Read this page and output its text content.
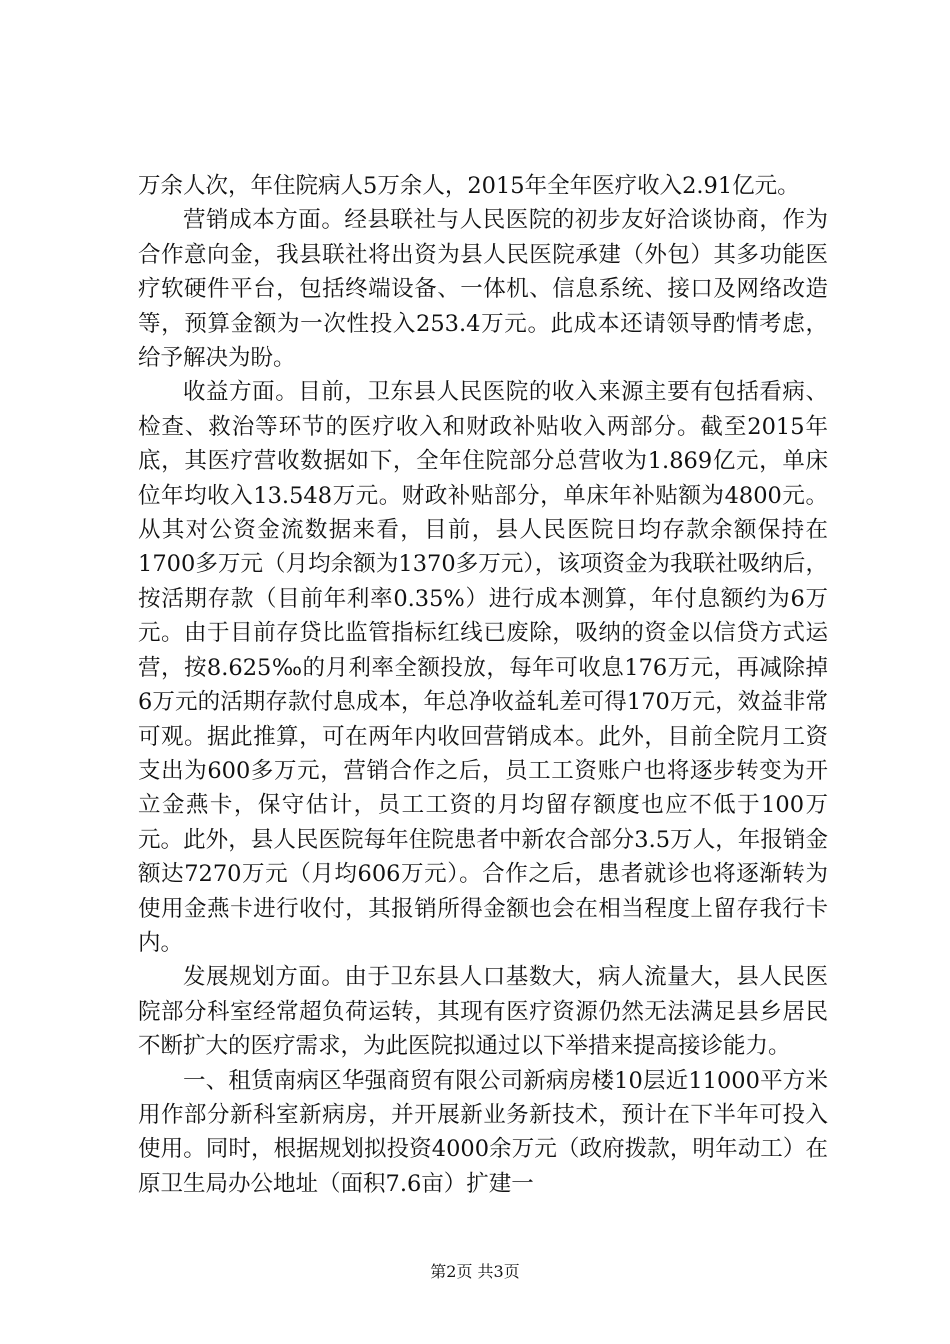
万余人次，年住院病人5万余人，2015年全年医疗收入2.91亿元。

营销成本方面。经县联社与人民医院的初步友好洽谈协商，作为合作意向金，我县联社将出资为县人民医院承建（外包）其多功能医疗软硬件平台，包括终端设备、一体机、信息系统、接口及网络改造等，预算金额为一次性投入253.4万元。此成本还请领导酌情考虑，给予解决为盼。

收益方面。目前，卫东县人民医院的收入来源主要有包括看病、检查、救治等环节的医疗收入和财政补贴收入两部分。截至2015年底，其医疗营收数据如下，全年住院部分总营收为1.869亿元，单床位年均收入13.548万元。财政补贴部分，单床年补贴额为4800元。从其对公资金流数据来看，目前，县人民医院日均存款余额保持在1700多万元（月均余额为1370多万元），该项资金为我联社吸纳后，按活期存款（目前年利率0.35%）进行成本测算，年付息额约为6万元。由于目前存贷比监管指标红线已废除，吸纳的资金以信贷方式运营，按8.625‰的月利率全额投放，每年可收息176万元，再减除掉6万元的活期存款付息成本，年总净收益轧差可得170万元，效益非常可观。据此推算，可在两年内收回营销成本。此外，目前全院月工资支出为600多万元，营销合作之后，员工工资账户也将逐步转变为开立金燕卡，保守估计，员工工资的月均留存额度也应不低于100万元。此外，县人民医院每年住院患者中新农合部分3.5万人，年报销金额达7270万元（月均606万元）。合作之后，患者就诊也将逐渐转为使用金燕卡进行收付，其报销所得金额也会在相当程度上留存我行卡内。

发展规划方面。由于卫东县人口基数大，病人流量大，县人民医院部分科室经常超负荷运转，其现有医疗资源仍然无法满足县乡居民不断扩大的医疗需求，为此医院拟通过以下举措来提高接诊能力。

一、租赁南病区华强商贸有限公司新病房楼10层近11000平方米用作部分新科室新病房，并开展新业务新技术，预计在下半年可投入使用。同时，根据规划拟投资4000余万元（政府拨款，明年动工）在原卫生局办公地址（面积7.6亩）扩建一

第2页 共3页
